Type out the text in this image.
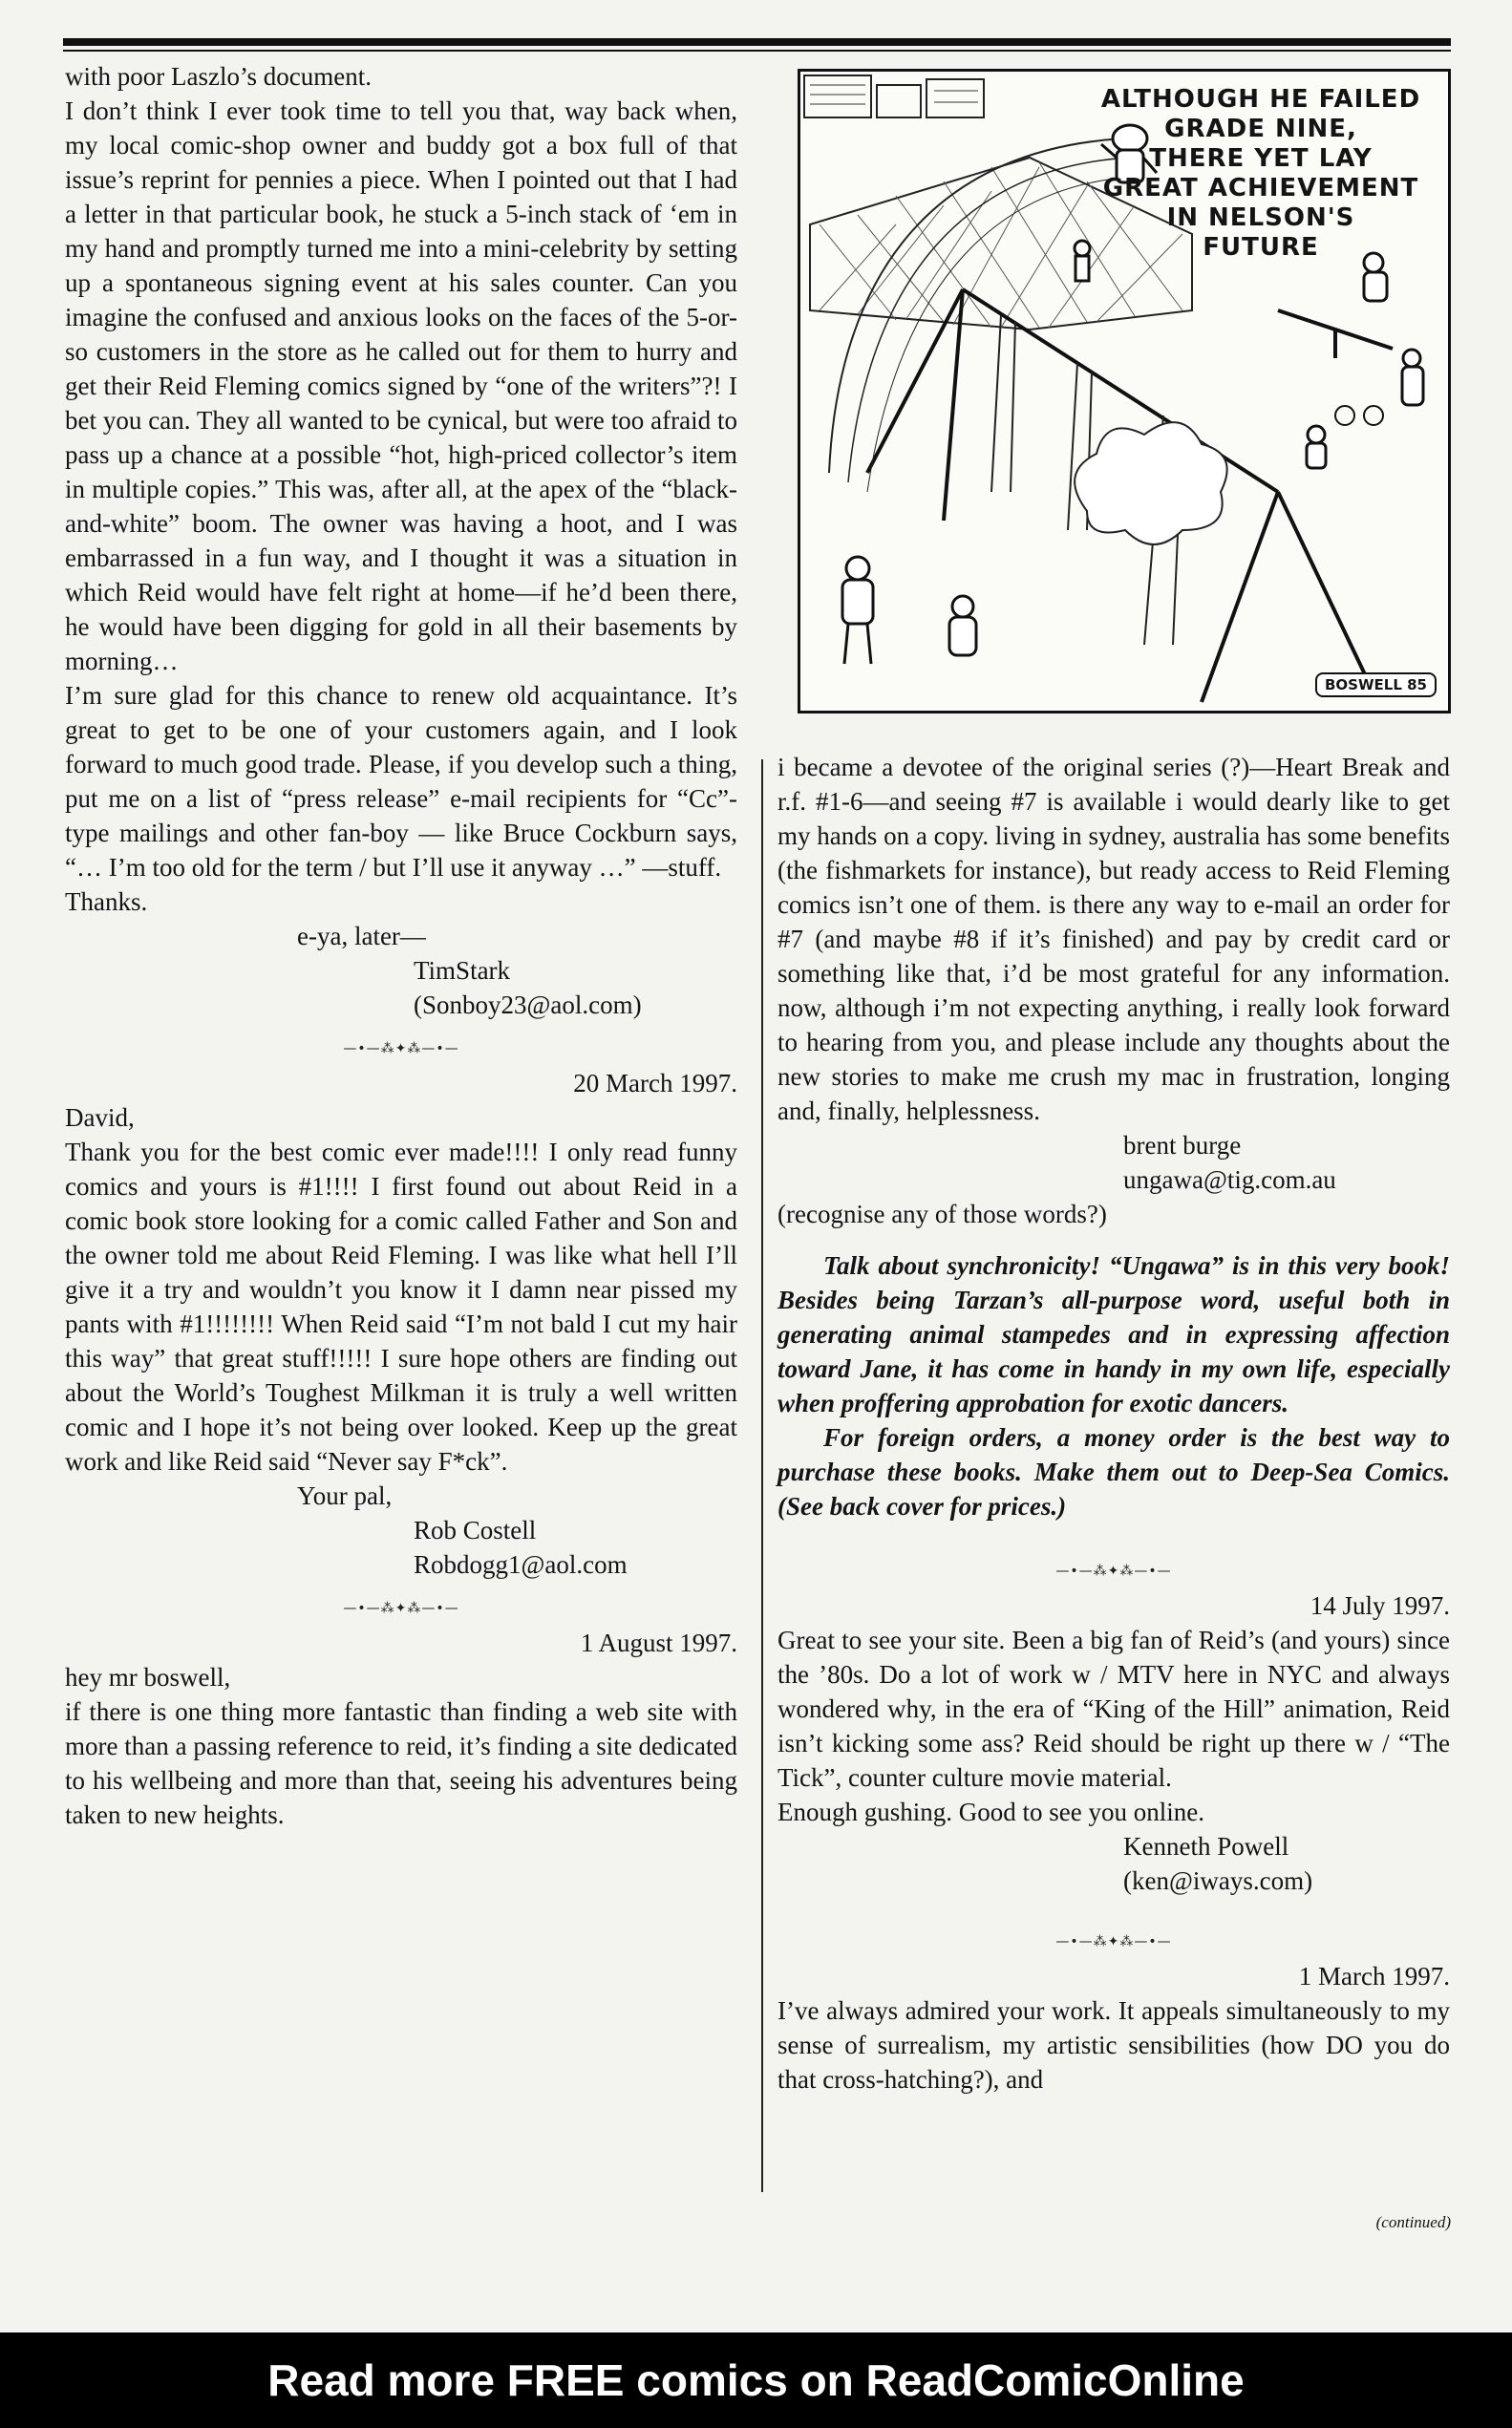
ALTHOUGH HE FAILED
GRADE NINE,
THERE YET LAY
GREAT ACHIEVEMENT
IN NELSON'S
FUTURE
BOSWELL 85

with poor Laszlo’s document.

I don’t think I ever took time to tell you that, way back when, my local comic-shop owner and buddy got a box full of that issue’s reprint for pennies a piece. When I pointed out that I had a letter in that particular book, he stuck a 5-inch stack of ‘em in my hand and promptly turned me into a mini-celebrity by setting up a spontaneous signing event at his sales counter. Can you imagine the confused and anxious looks on the faces of the 5-or-so customers in the store as he called out for them to hurry and get their Reid Fleming comics signed by “one of the writers”?! I bet you can. They all wanted to be cynical, but were too afraid to pass up a chance at a possible “hot, high-priced collector’s item in multiple copies.” This was, after all, at the apex of the “black-and-white” boom. The owner was having a hoot, and I was embarrassed in a fun way, and I thought it was a situation in which Reid would have felt right at home—if he’d been there, he would have been digging for gold in all their basements by morning…

I’m sure glad for this chance to renew old acquaintance. It’s great to get to be one of your customers again, and I look forward to much good trade. Please, if you develop such a thing, put me on a list of “press release” e-mail recipients for “Cc”-type mailings and other fan-boy — like Bruce Cockburn says, “… I’m too old for the term / but I’ll use it anyway …” —stuff.

Thanks.

e-ya, later—

TimStark

(Sonboy23@aol.com)

—•—⁂✦⁂—•—

20 March 1997.

David,

Thank you for the best comic ever made!!!! I only read funny comics and yours is #1!!!! I first found out about Reid in a comic book store looking for a comic called Father and Son and the owner told me about Reid Fleming. I was like what hell I’ll give it a try and wouldn’t you know it I damn near pissed my pants with #1!!!!!!!! When Reid said “I’m not bald I cut my hair this way” that great stuff!!!!! I sure hope others are finding out about the World’s Toughest Milkman it is truly a well written comic and I hope it’s not being over looked. Keep up the great work and like Reid said “Never say F*ck”.

Your pal,

Rob Costell

Robdogg1@aol.com

—•—⁂✦⁂—•—

1 August 1997.

hey mr boswell,

if there is one thing more fantastic than finding a web site with more than a passing reference to reid, it’s finding a site dedicated to his wellbeing and more than that, seeing his adventures being taken to new heights.

i became a devotee of the original series (?)—Heart Break and r.f. #1-6—and seeing #7 is available i would dearly like to get my hands on a copy. living in sydney, australia has some benefits (the fishmarkets for instance), but ready access to Reid Fleming comics isn’t one of them. is there any way to e-mail an order for #7 (and maybe #8 if it’s finished) and pay by credit card or something like that, i’d be most grateful for any information. now, although i’m not expecting anything, i really look forward to hearing from you, and please include any thoughts about the new stories to make me crush my mac in frustration, longing and, finally, helplessness.

brent burge

ungawa@tig.com.au

(recognise any of those words?)

Talk about synchronicity! “Ungawa” is in this very book! Besides being Tarzan’s all-purpose word, useful both in generating animal stampedes and in expressing affection toward Jane, it has come in handy in my own life, especially when proffering approbation for exotic dancers.

For foreign orders, a money order is the best way to purchase these books. Make them out to Deep-Sea Comics. (See back cover for prices.)

—•—⁂✦⁂—•—

14 July 1997.

Great to see your site. Been a big fan of Reid’s (and yours) since the ’80s. Do a lot of work w / MTV here in NYC and always wondered why, in the era of “King of the Hill” animation, Reid isn’t kicking some ass? Reid should be right up there w / “The Tick”, counter culture movie material.

Enough gushing. Good to see you online.

Kenneth Powell

(ken@iways.com)

—•—⁂✦⁂—•—

1 March 1997.

I’ve always admired your work. It appeals simultaneously to my sense of surrealism, my artistic sensibilities (how DO you do that cross-hatching?), and

(continued)
Read more FREE comics on ReadComicOnline
